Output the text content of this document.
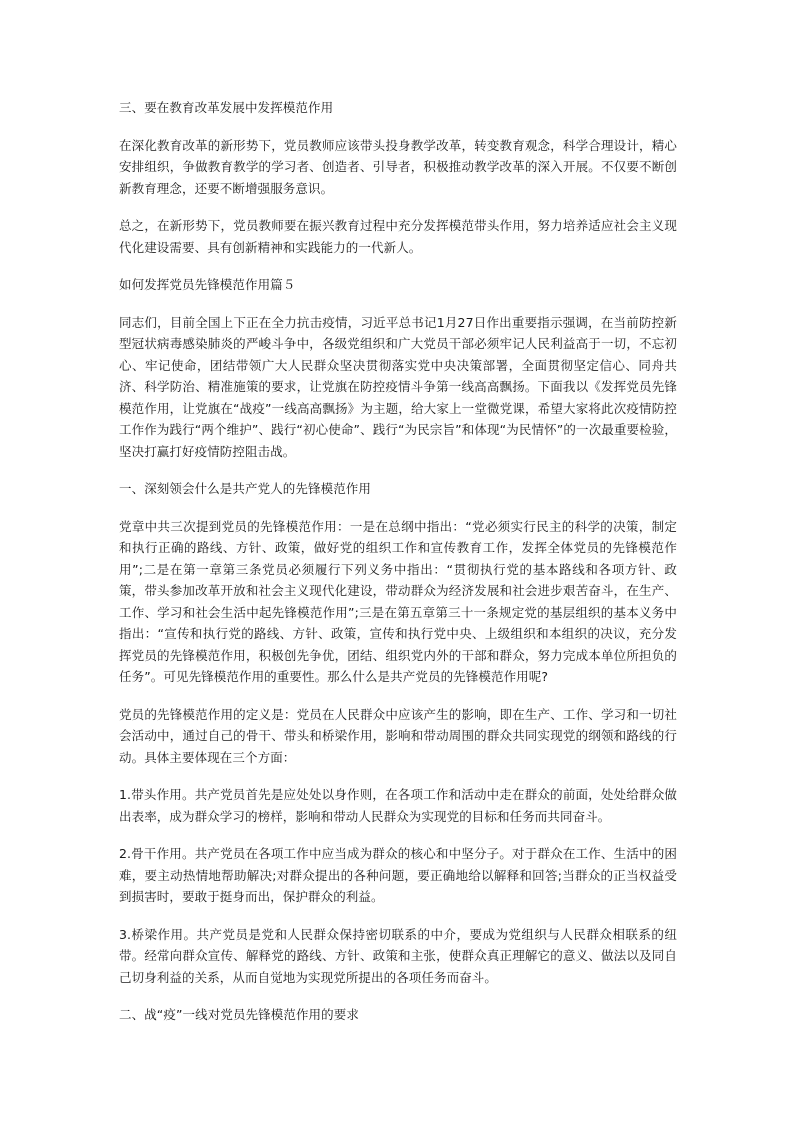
三、要在教育改革发展中发挥模范作用

在深化教育改革的新形势下，党员教师应该带头投身教学改革，转变教育观念，科学合理设计，精心安排组织，争做教育教学的学习者、创造者、引导者，积极推动教学改革的深入开展。不仅要不断创新教育理念，还要不断增强服务意识。

总之，在新形势下，党员教师要在振兴教育过程中充分发挥模范带头作用，努力培养适应社会主义现代化建设需要、具有创新精神和实践能力的一代新人。

如何发挥党员先锋模范作用篇５

同志们，目前全国上下正在全力抗击疫情，习近平总书记1月27日作出重要指示强调，在当前防控新型冠状病毒感染肺炎的严峻斗争中，各级党组织和广大党员干部必须牢记人民利益高于一切，不忘初心、牢记使命，团结带领广大人民群众坚决贯彻落实党中央决策部署，全面贯彻坚定信心、同舟共济、科学防治、精准施策的要求，让党旗在防控疫情斗争第一线高高飘扬。下面我以《发挥党员先锋模范作用，让党旗在“战疫”一线高高飘扬》为主题，给大家上一堂微党课，希望大家将此次疫情防控工作作为践行“两个维护”、践行“初心使命”、践行“为民宗旨”和体现“为民情怀”的一次最重要检验，坚决打赢打好疫情防控阻击战。

一、深刻领会什么是共产党人的先锋模范作用

党章中共三次提到党员的先锋模范作用：一是在总纲中指出：“党必须实行民主的科学的决策，制定和执行正确的路线、方针、政策，做好党的组织工作和宣传教育工作，发挥全体党员的先锋模范作用”;二是在第一章第三条党员必须履行下列义务中指出：“贯彻执行党的基本路线和各项方针、政策，带头参加改革开放和社会主义现代化建设，带动群众为经济发展和社会进步艰苦奋斗，在生产、工作、学习和社会生活中起先锋模范作用”;三是在第五章第三十一条规定党的基层组织的基本义务中指出：“宣传和执行党的路线、方针、政策，宣传和执行党中央、上级组织和本组织的决议，充分发挥党员的先锋模范作用，积极创先争优，团结、组织党内外的干部和群众，努力完成本单位所担负的任务”。可见先锋模范作用的重要性。那么什么是共产党员的先锋模范作用呢?

党员的先锋模范作用的定义是：党员在人民群众中应该产生的影响，即在生产、工作、学习和一切社会活动中，通过自己的骨干、带头和桥梁作用，影响和带动周围的群众共同实现党的纲领和路线的行动。具体主要体现在三个方面：

1.带头作用。共产党员首先是应处处以身作则，在各项工作和活动中走在群众的前面，处处给群众做出表率，成为群众学习的榜样，影响和带动人民群众为实现党的目标和任务而共同奋斗。

2.骨干作用。共产党员在各项工作中应当成为群众的核心和中坚分子。对于群众在工作、生活中的困难，要主动热情地帮助解决;对群众提出的各种问题，要正确地给以解释和回答;当群众的正当权益受到损害时，要敢于挺身而出，保护群众的利益。

3.桥梁作用。共产党员是党和人民群众保持密切联系的中介，要成为党组织与人民群众相联系的纽带。经常向群众宣传、解释党的路线、方针、政策和主张，使群众真正理解它的意义、做法以及同自己切身利益的关系，从而自觉地为实现党所提出的各项任务而奋斗。

二、战“疫”一线对党员先锋模范作用的要求
